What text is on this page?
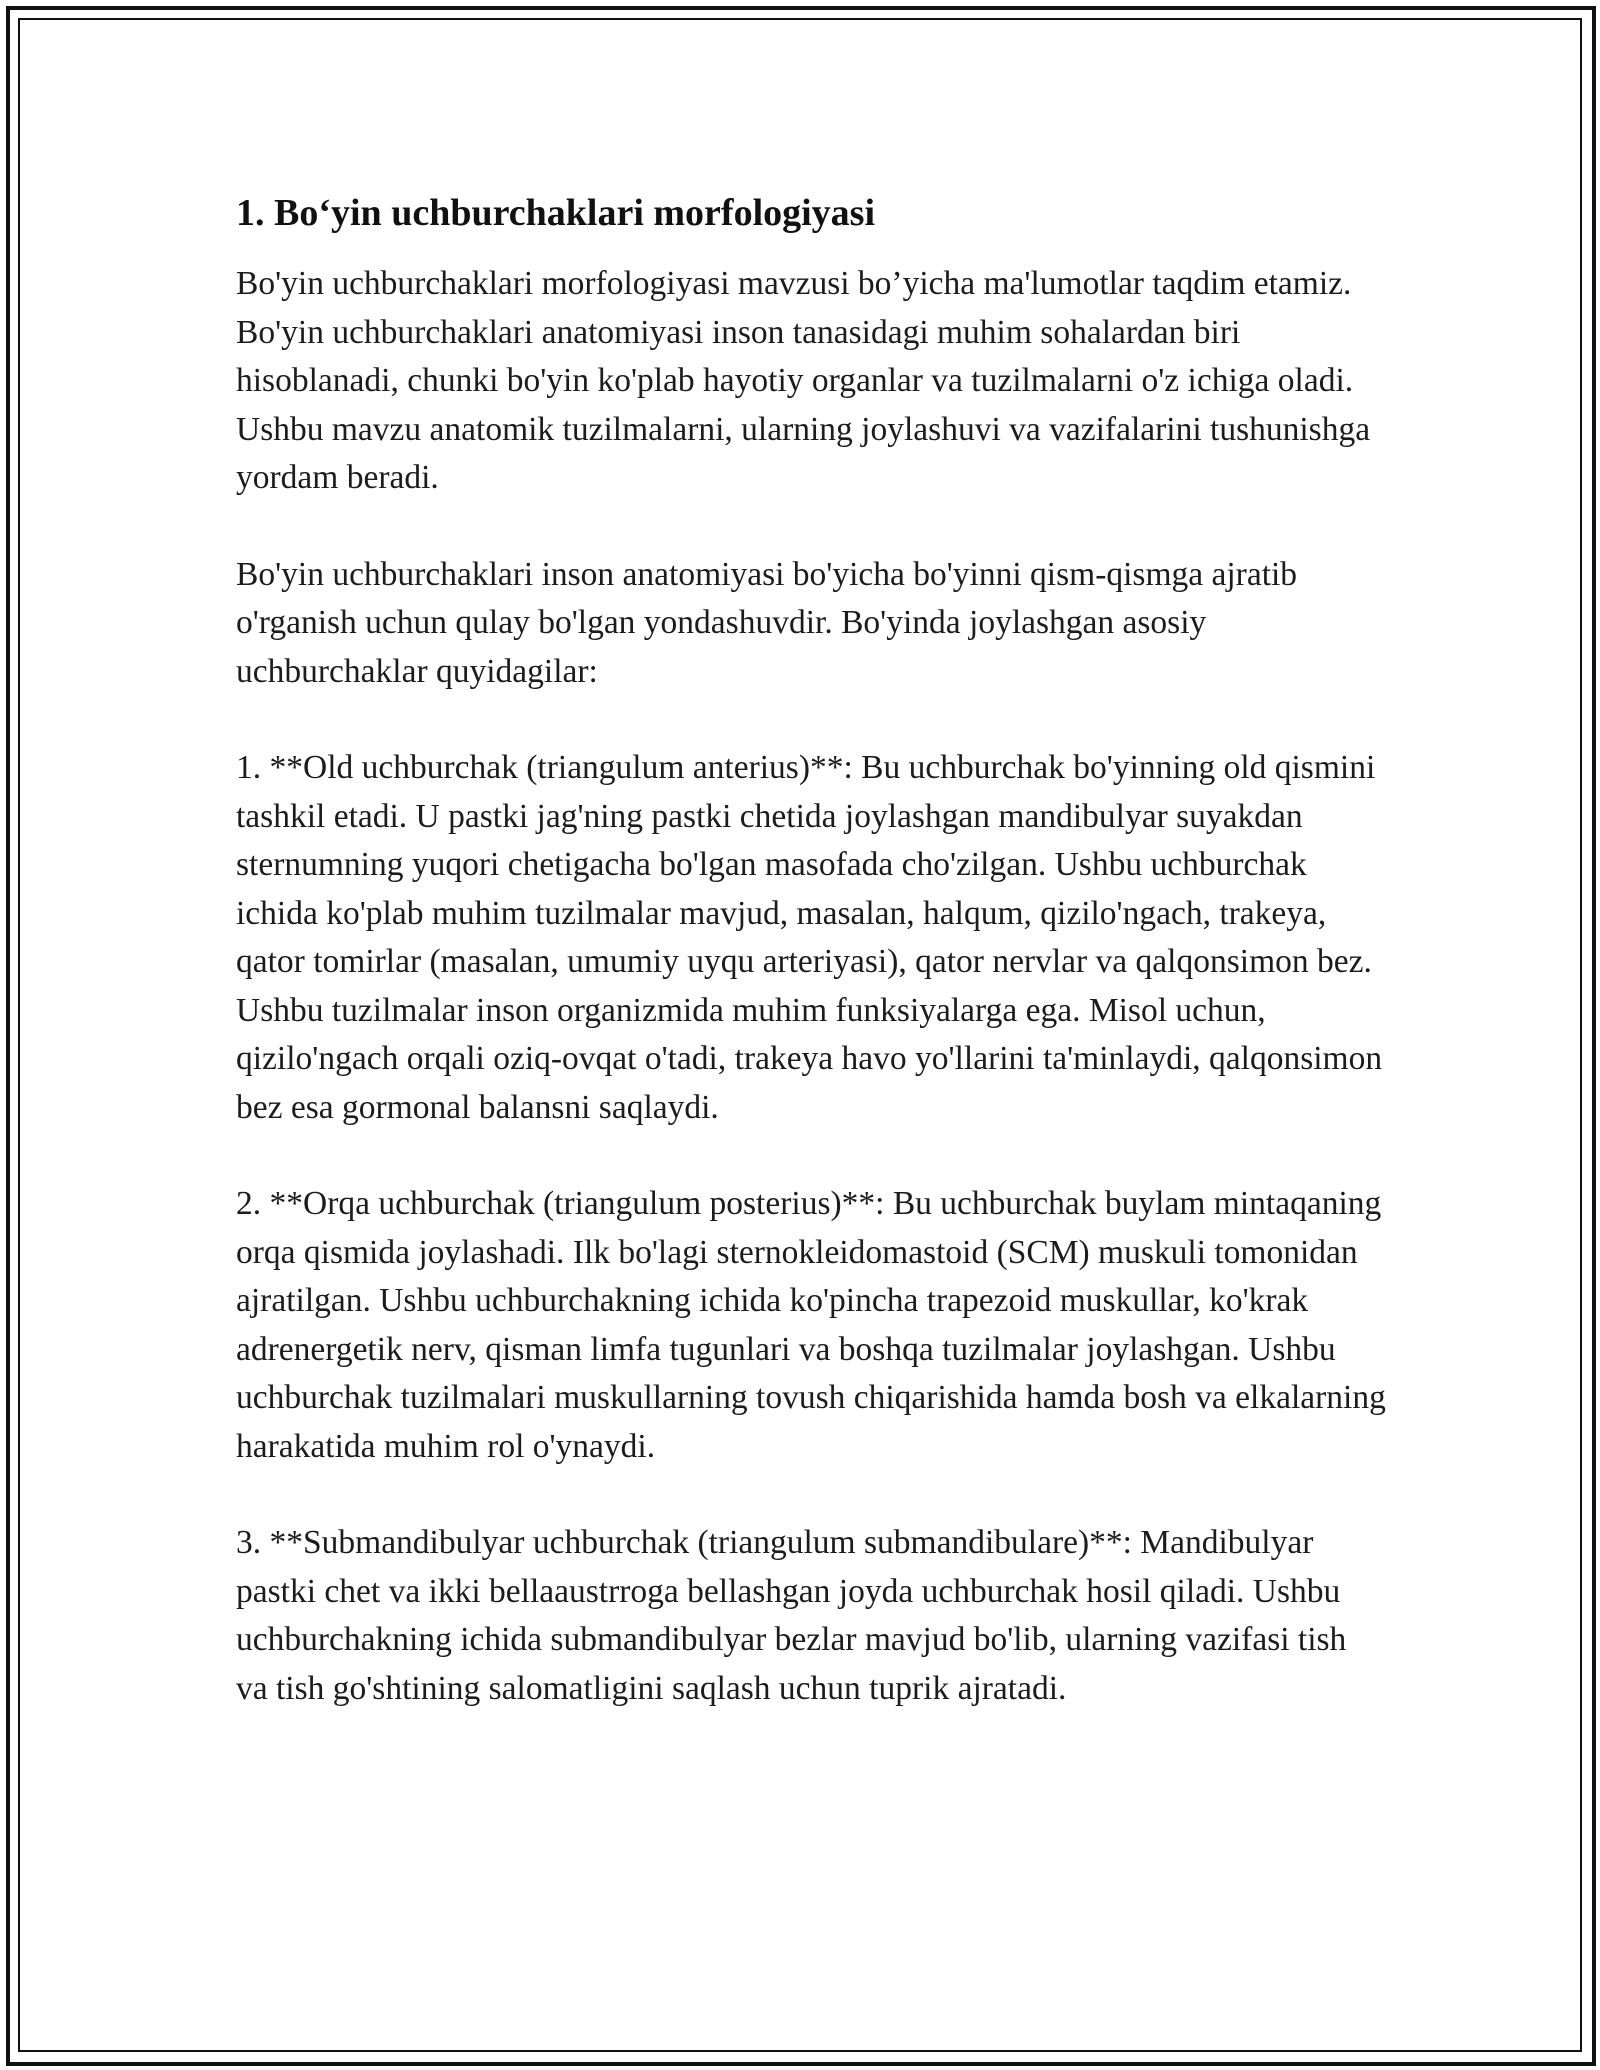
1. Bo‘yin uchburchaklari morfologiyasi

Bo'yin uchburchaklari morfologiyasi mavzusi bo’yicha ma'lumotlar taqdim etamiz. Bo'yin uchburchaklari anatomiyasi inson tanasidagi muhim sohalardan biri hisoblanadi, chunki bo'yin ko'plab hayotiy organlar va tuzilmalarni o'z ichiga oladi. Ushbu mavzu anatomik tuzilmalarni, ularning joylashuvi va vazifalarini tushunishga yordam beradi.

Bo'yin uchburchaklari inson anatomiyasi bo'yicha bo'yinni qism-qismga ajratib o'rganish uchun qulay bo'lgan yondashuvdir. Bo'yinda joylashgan asosiy uchburchaklar quyidagilar:

1. **Old uchburchak (triangulum anterius)**: Bu uchburchak bo'yinning old qismini tashkil etadi. U pastki jag'ning pastki chetida joylashgan mandibulyar suyakdan sternumning yuqori chetigacha bo'lgan masofada cho'zilgan. Ushbu uchburchak ichida ko'plab muhim tuzilmalar mavjud, masalan, halqum, qizilo'ngach, trakeya, qator tomirlar (masalan, umumiy uyqu arteriyasi), qator nervlar va qalqonsimon bez. Ushbu tuzilmalar inson organizmida muhim funksiyalarga ega. Misol uchun, qizilo'ngach orqali oziq-ovqat o'tadi, trakeya havo yo'llarini ta'minlaydi, qalqonsimon bez esa gormonal balansni saqlaydi.

2. **Orqa uchburchak (triangulum posterius)**: Bu uchburchak buylam mintaqaning orqa qismida joylashadi. Ilk bo'lagi sternokleidomastoid (SCM) muskuli tomonidan ajratilgan. Ushbu uchburchakning ichida ko'pincha trapezoid muskullar, ko'krak adrenergetik nerv, qisman limfa tugunlari va boshqa tuzilmalar joylashgan. Ushbu uchburchak tuzilmalari muskullarning tovush chiqarishida hamda bosh va elkalarning harakatida muhim rol o'ynaydi.

3. **Submandibulyar uchburchak (triangulum submandibulare)**: Mandibulyar pastki chet va ikki bellaaustrroga bellashgan joyda uchburchak hosil qiladi. Ushbu uchburchakning ichida submandibulyar bezlar mavjud bo'lib, ularning vazifasi tish va tish go'shtining salomatligini saqlash uchun tuprik ajratadi.
